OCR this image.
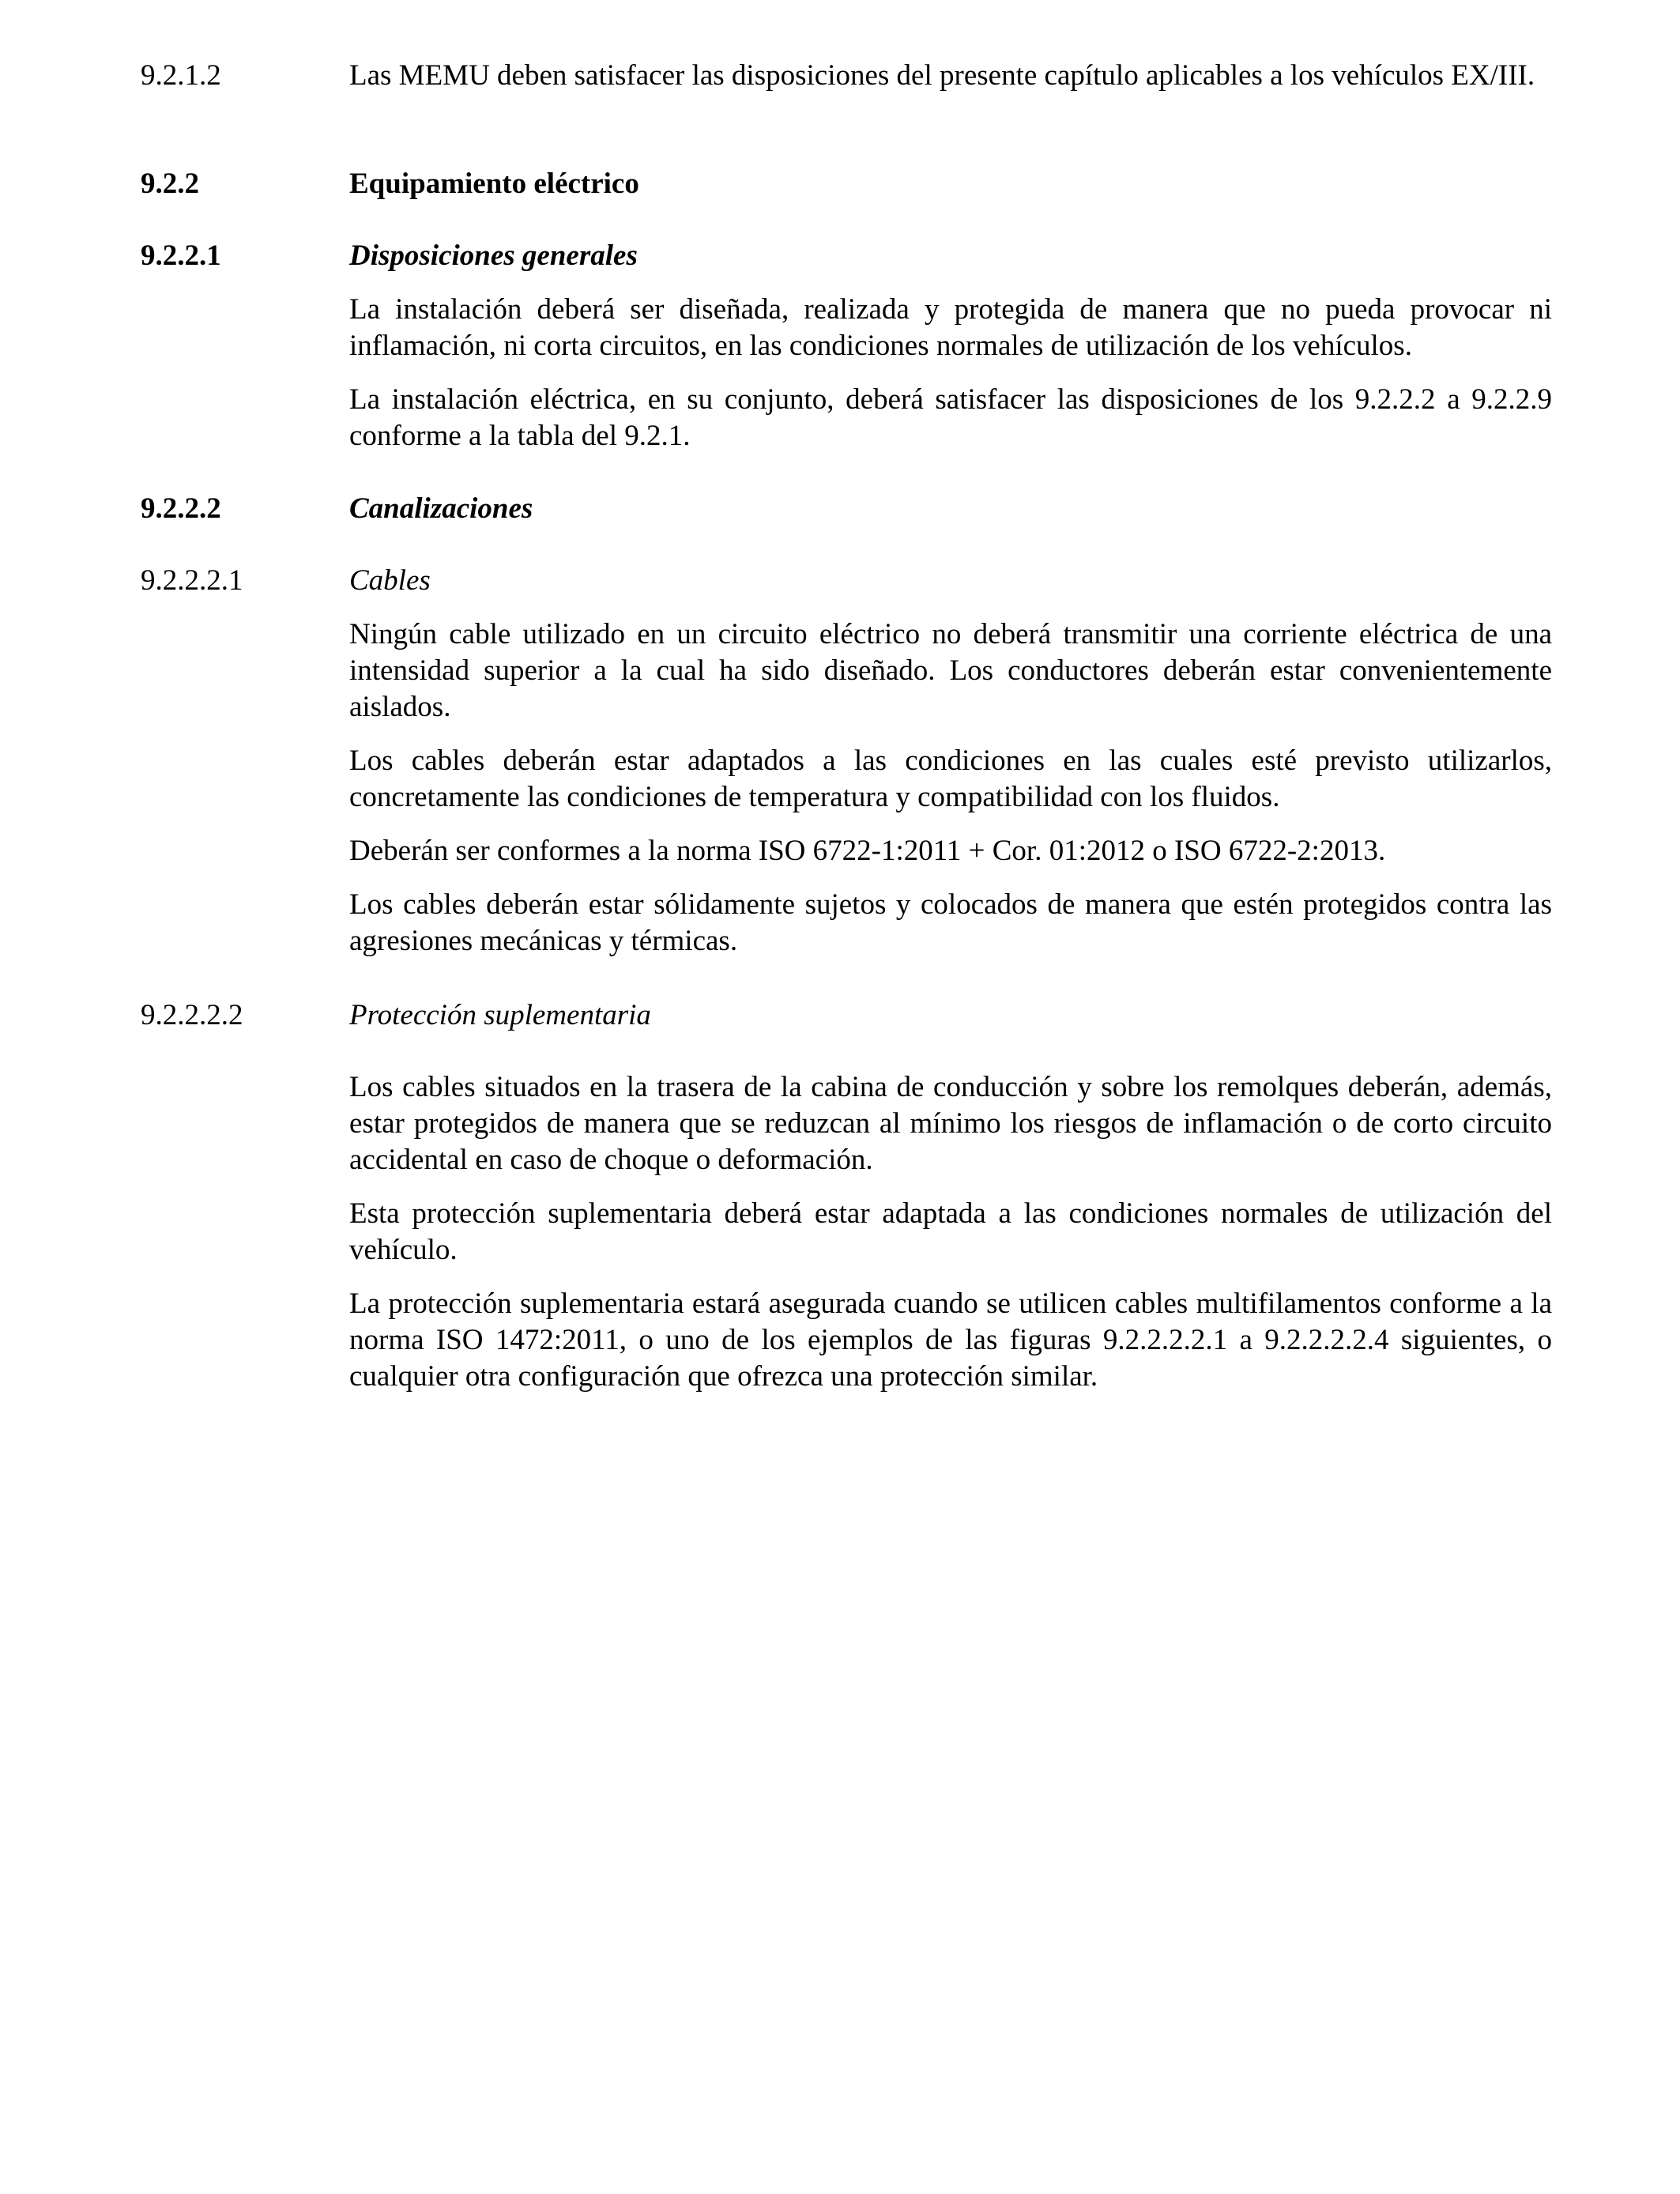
9.2.1.2	Las MEMU deben satisfacer las disposiciones del presente capítulo aplicables a los vehículos EX/III.

9.2.2	Equipamiento eléctrico
9.2.2.1	Disposiciones generales

La instalación deberá ser diseñada, realizada y protegida de manera que no pueda provocar ni inflamación, ni corta circuitos, en las condiciones normales de utilización de los vehículos.

La instalación eléctrica, en su conjunto, deberá satisfacer las disposiciones de los 9.2.2.2 a 9.2.2.9 conforme a la tabla del 9.2.1.

9.2.2.2	Canalizaciones
9.2.2.2.1	Cables

Ningún cable utilizado en un circuito eléctrico no deberá transmitir una corriente eléctrica de una intensidad superior a la cual ha sido diseñado. Los conductores deberán estar convenientemente aislados.

Los cables deberán estar adaptados a las condiciones en las cuales esté previsto utilizarlos, concretamente las condiciones de temperatura y compatibilidad con los fluidos.

Deberán ser conformes a la norma ISO 6722-1:2011 + Cor. 01:2012 o ISO 6722-2:2013.

Los cables deberán estar sólidamente sujetos y colocados de manera que estén protegidos contra las agresiones mecánicas y térmicas.

9.2.2.2.2	Protección suplementaria

Los cables situados en la trasera de la cabina de conducción y sobre los remolques deberán, además, estar protegidos de manera que se reduzcan al mínimo los riesgos de inflamación o de corto circuito accidental en caso de choque o deformación.

Esta protección suplementaria deberá estar adaptada a las condiciones normales de utilización del vehículo.

La protección suplementaria estará asegurada cuando se utilicen cables multifilamentos conforme a la norma ISO 1472:2011, o uno de los ejemplos de las figuras 9.2.2.2.2.1 a 9.2.2.2.2.4 siguientes, o cualquier otra configuración que ofrezca una protección similar.
